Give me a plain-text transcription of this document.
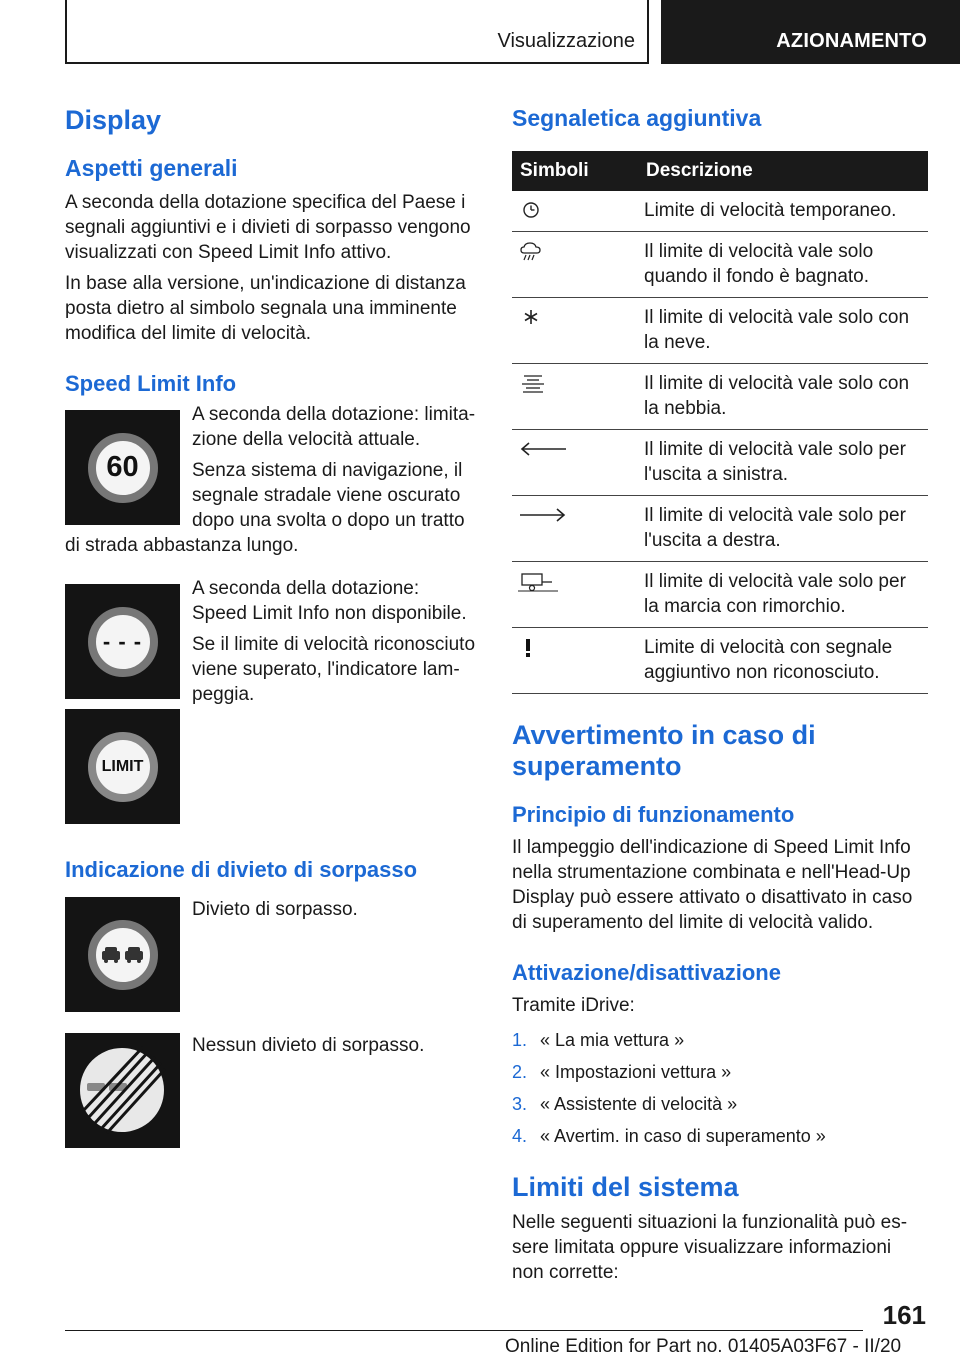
Visualizzazione	AZIONAMENTO
Display
Aspetti generali

A seconda della dotazione specifica del Paese i segnali aggiuntivi e i divieti di sorpasso vengono visualizzati con Speed Limit Info attivo.

In base alla versione, un'indicazione di distanza posta dietro al simbolo segnala una imminente modifica del limite di velocità.

Speed Limit Info
60

A seconda della dotazione: limitazione della velocità attuale.

Senza sistema di navigazione, il segnale stradale viene oscurato dopo una svolta o dopo un tratto di strada abbastanza lungo.

- - -
LIMIT

A seconda della dotazione: Speed Limit Info non disponibile.

Se il limite di velocità riconosciuto viene superato, l'indicatore lampeggia.

Indicazione di divieto di sorpasso

Divieto di sorpasso.

Nessun divieto di sorpasso.

Segnaletica aggiuntiva
Simboli	Descrizione

	Limite di velocità temporaneo.

	Il limite di velocità vale solo quando il fondo è bagnato.

	Il limite di velocità vale solo con la neve.

	Il limite di velocità vale solo con la nebbia.

	Il limite di velocità vale solo per l'uscita a sinistra.

	Il limite di velocità vale solo per l'uscita a destra.

	Il limite di velocità vale solo per la marcia con rimorchio.

	Limite di velocità con segnale aggiuntivo non riconosciuto.
Avvertimento in caso di superamento
Principio di funzionamento

Il lampeggio dell'indicazione di Speed Limit Info nella strumentazione combinata e nell'Head-Up Display può essere attivato o disattivato in caso di superamento del limite di velocità valido.

Attivazione/disattivazione

Tramite iDrive:

1. « La mia vettura »
2. « Impostazioni vettura »
3. « Assistente di velocità »
4. « Avertim. in caso di superamento »
Limiti del sistema

Nelle seguenti situazioni la funzionalità può essere limitata oppure visualizzare informazioni non corrette:

161
Online Edition for Part no. 01405A03F67 - II/20
